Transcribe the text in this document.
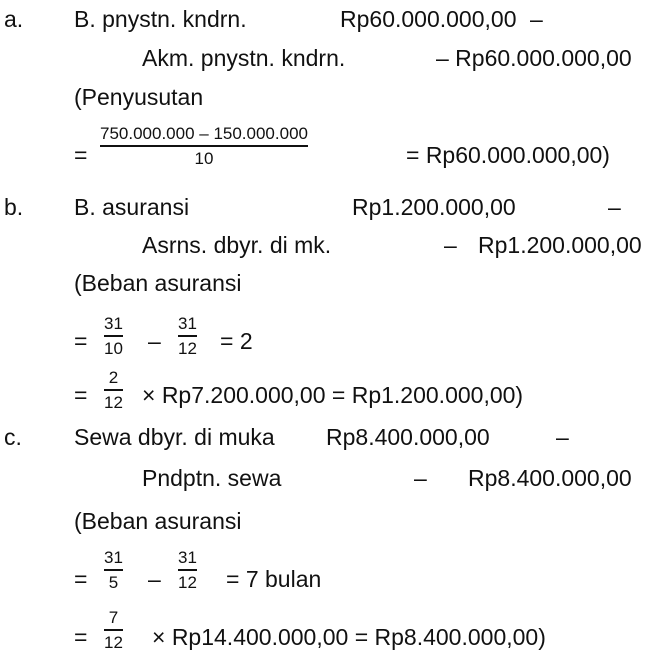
a. B. pnystn. kndrn.	Rp60.000.000,00 –
Akm. pnystn. kndrn.	– Rp60.000.000,00
(Penyusutan
=
750.000.000 – 150.000.000
10	= Rp60.000.000,00)
b. B. asuransi	Rp1.200.000,00	–
Asrns. dbyr. di mk.	– Rp1.200.000,00
(Beban asuransi
=
31
10 –
31
12 = 2
=
2
12 × Rp7.200.000,00 = Rp1.200.000,00)
c. Sewa dbyr. di muka Rp8.400.000,00	–
Pndptn. sewa	– Rp8.400.000,00
(Beban asuransi
=
31
5 –
31
12 = 7 bulan
=
7
12 × Rp14.400.000,00 = Rp8.400.000,00)
